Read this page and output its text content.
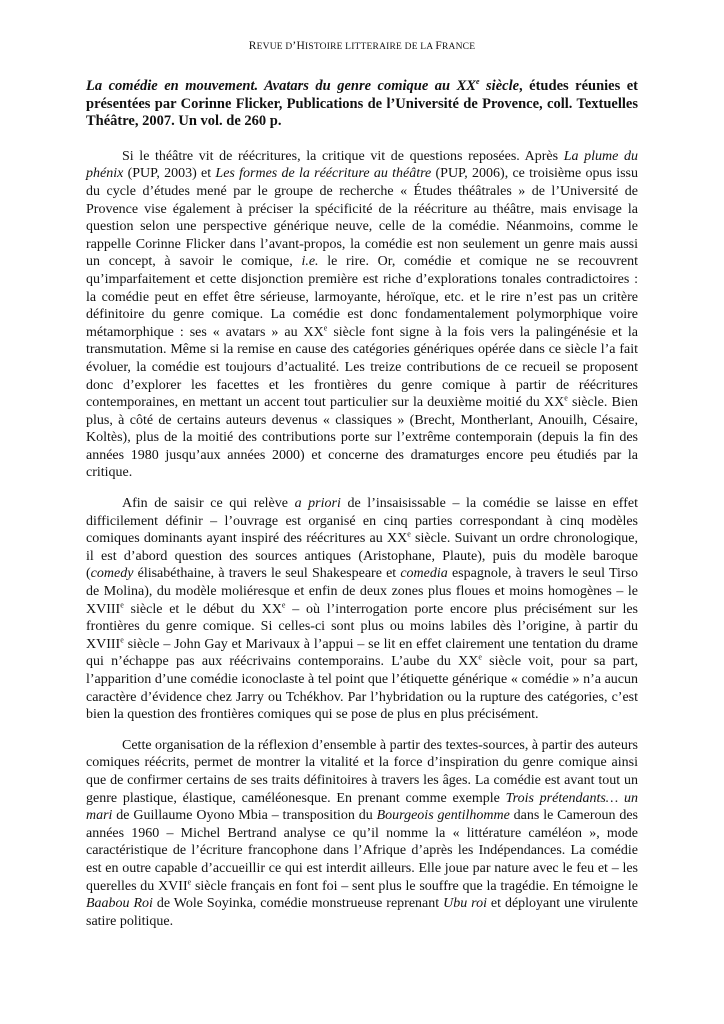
REVUE D’HISTOIRE LITTERAIRE DE LA FRANCE
La comédie en mouvement. Avatars du genre comique au XXe siècle, études réunies et présentées par Corinne Flicker, Publications de l’Université de Provence, coll. Textuelles Théâtre, 2007. Un vol. de 260 p.

Si le théâtre vit de réécritures, la critique vit de questions reposées. Après La plume du phénix (PUP, 2003) et Les formes de la réécriture au théâtre (PUP, 2006), ce troisième opus issu du cycle d’études mené par le groupe de recherche « Études théâtrales » de l’Université de Provence vise également à préciser la spécificité de la réécriture au théâtre, mais envisage la question selon une perspective générique neuve, celle de la comédie. Néanmoins, comme le rappelle Corinne Flicker dans l’avant-propos, la comédie est non seulement un genre mais aussi un concept, à savoir le comique, i.e. le rire. Or, comédie et comique ne se recouvrent qu’imparfaitement et cette disjonction première est riche d’explorations tonales contradictoires : la comédie peut en effet être sérieuse, larmoyante, héroïque, etc. et le rire n’est pas un critère définitoire du genre comique. La comédie est donc fondamentalement polymorphique voire métamorphique : ses « avatars » au XXe siècle font signe à la fois vers la palingénésie et la transmutation. Même si la remise en cause des catégories génériques opérée dans ce siècle l’a fait évoluer, la comédie est toujours d’actualité. Les treize contributions de ce recueil se proposent donc d’explorer les facettes et les frontières du genre comique à partir de réécritures contemporaines, en mettant un accent tout particulier sur la deuxième moitié du XXe siècle. Bien plus, à côté de certains auteurs devenus « classiques » (Brecht, Montherlant, Anouilh, Césaire, Koltès), plus de la moitié des contributions porte sur l’extrême contemporain (depuis la fin des années 1980 jusqu’aux années 2000) et concerne des dramaturges encore peu étudiés par la critique.

Afin de saisir ce qui relève a priori de l’insaisissable – la comédie se laisse en effet difficilement définir – l’ouvrage est organisé en cinq parties correspondant à cinq modèles comiques dominants ayant inspiré des réécritures au XXe siècle. Suivant un ordre chronologique, il est d’abord question des sources antiques (Aristophane, Plaute), puis du modèle baroque (comedy élisabéthaine, à travers le seul Shakespeare et comedia espagnole, à travers le seul Tirso de Molina), du modèle moliéresque et enfin de deux zones plus floues et moins homogènes – le XVIIIe siècle et le début du XXe – où l’interrogation porte encore plus précisément sur les frontières du genre comique. Si celles-ci sont plus ou moins labiles dès l’origine, à partir du XVIIIe siècle – John Gay et Marivaux à l’appui – se lit en effet clairement une tentation du drame qui n’échappe pas aux réécrivains contemporains. L’aube du XXe siècle voit, pour sa part, l’apparition d’une comédie iconoclaste à tel point que l’étiquette générique « comédie » n’a aucun caractère d’évidence chez Jarry ou Tchékhov. Par l’hybridation ou la rupture des catégories, c’est bien la question des frontières comiques qui se pose de plus en plus précisément.

Cette organisation de la réflexion d’ensemble à partir des textes-sources, à partir des auteurs comiques réécrits, permet de montrer la vitalité et la force d’inspiration du genre comique ainsi que de confirmer certains de ses traits définitoires à travers les âges. La comédie est avant tout un genre plastique, élastique, caméléonesque. En prenant comme exemple Trois prétendants… un mari de Guillaume Oyono Mbia – transposition du Bourgeois gentilhomme dans le Cameroun des années 1960 – Michel Bertrand analyse ce qu’il nomme la « littérature caméléon », mode caractéristique de l’écriture francophone dans l’Afrique d’après les Indépendances. La comédie est en outre capable d’accueillir ce qui est interdit ailleurs. Elle joue par nature avec le feu et – les querelles du XVIIe siècle français en font foi – sent plus le souffre que la tragédie. En témoigne le Baabou Roi de Wole Soyinka, comédie monstrueuse reprenant Ubu roi et déployant une virulente satire politique.
